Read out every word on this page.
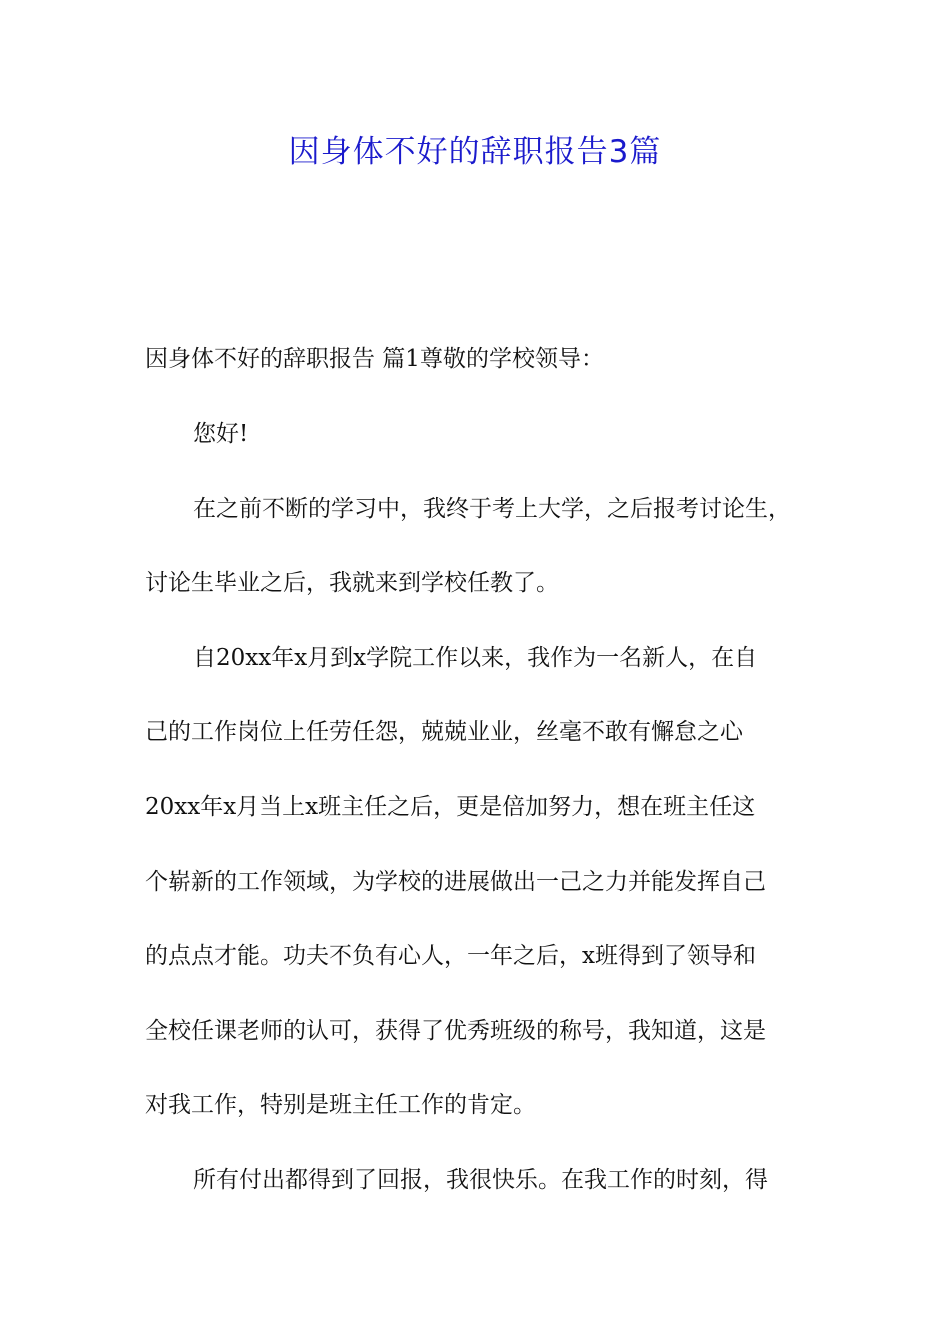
因身体不好的辞职报告3篇

因身体不好的辞职报告 篇1尊敬的学校领导：

您好!

在之前不断的学习中，我终于考上大学，之后报考讨论生，

讨论生毕业之后，我就来到学校任教了。

自20xx年x月到x学院工作以来，我作为一名新人，在自

己的工作岗位上任劳任怨，兢兢业业，丝毫不敢有懈怠之心

20xx年x月当上x班主任之后，更是倍加努力，想在班主任这

个崭新的工作领域，为学校的进展做出一己之力并能发挥自己

的点点才能。功夫不负有心人，一年之后，x班得到了领导和

全校任课老师的认可，获得了优秀班级的称号，我知道，这是

对我工作，特别是班主任工作的肯定。

所有付出都得到了回报，我很快乐。在我工作的时刻，得
